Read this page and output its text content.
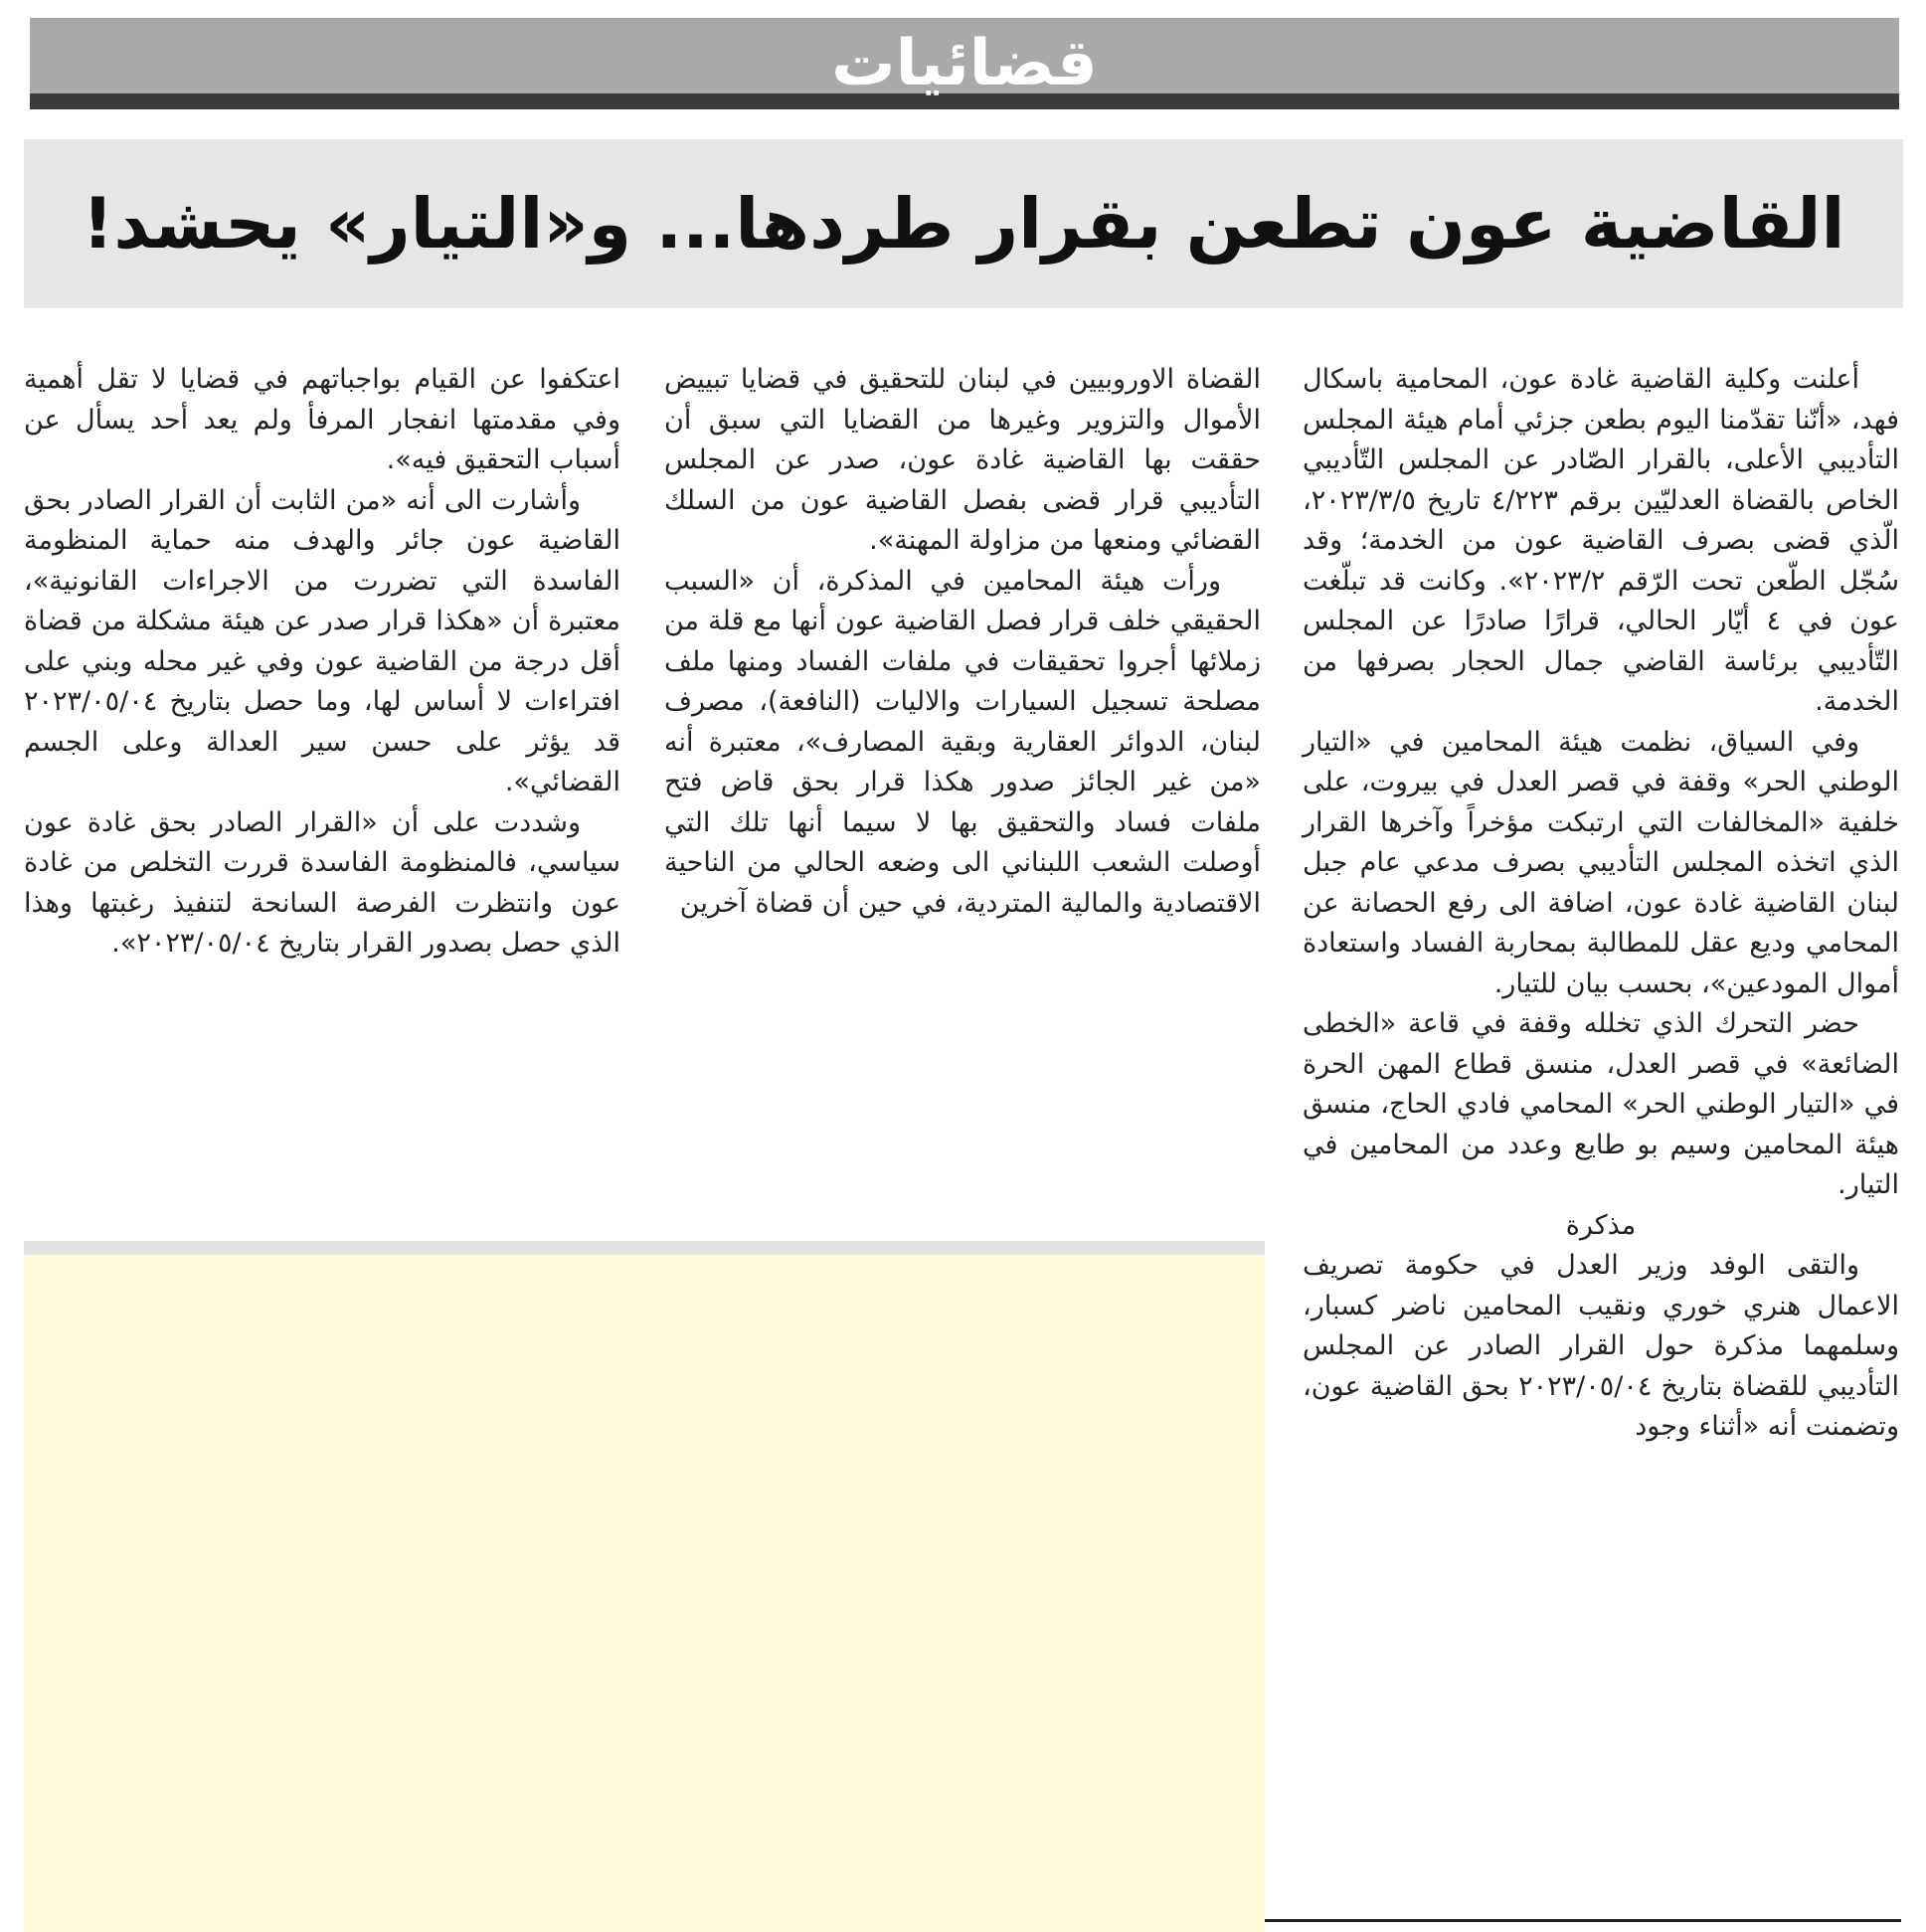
قضائيات
القاضية عون تطعن بقرار طردها... و«التيار» يحشد!

أعلنت وكلية القاضية غادة عون، المحامية باسكال فهد، «أنّنا تقدّمنا اليوم بطعن جزئي أمام هيئة المجلس التأديبي الأعلى، بالقرار الصّادر عن المجلس التّأديبي الخاص بالقضاة العدليّين برقم ٤/٢٢٣ تاريخ ٢٠٢٣/٣/٥، الّذي قضى بصرف القاضية عون من الخدمة؛ وقد سُجّل الطّعن تحت الرّقم ٢٠٢٣/٢». وكانت قد تبلّغت عون في ٤ أيّار الحالي، قرارًا صادرًا عن المجلس التّأديبي برئاسة القاضي جمال الحجار بصرفها من الخدمة.

وفي السياق، نظمت هيئة المحامين في «التيار الوطني الحر» وقفة في قصر العدل في بيروت، على خلفية «المخالفات التي ارتبكت مؤخراً وآخرها القرار الذي اتخذه المجلس التأديبي بصرف مدعي عام جبل لبنان القاضية غادة عون، اضافة الى رفع الحصانة عن المحامي وديع عقل للمطالبة بمحاربة الفساد واستعادة أموال المودعين»، بحسب بيان للتيار.

حضر التحرك الذي تخلله وقفة في قاعة «الخطى الضائعة» في قصر العدل، منسق قطاع المهن الحرة في «التيار الوطني الحر» المحامي فادي الحاج، منسق هيئة المحامين وسيم بو طايع وعدد من المحامين في التيار.

مذكرة

والتقى الوفد وزير العدل في حكومة تصريف الاعمال هنري خوري ونقيب المحامين ناضر كسبار، وسلمهما مذكرة حول القرار الصادر عن المجلس التأديبي للقضاة بتاريخ ٢٠٢٣/٠٥/٠٤ بحق القاضية عون، وتضمنت أنه «أثناء وجود

القضاة الاوروبيين في لبنان للتحقيق في قضايا تبييض الأموال والتزوير وغيرها من القضايا التي سبق أن حققت بها القاضية غادة عون، صدر عن المجلس التأديبي قرار قضى بفصل القاضية عون من السلك القضائي ومنعها من مزاولة المهنة».

ورأت هيئة المحامين في المذكرة، أن «السبب الحقيقي خلف قرار فصل القاضية عون أنها مع قلة من زملائها أجروا تحقيقات في ملفات الفساد ومنها ملف مصلحة تسجيل السيارات والاليات (النافعة)، مصرف لبنان، الدوائر العقارية وبقية المصارف»، معتبرة أنه «من غير الجائز صدور هكذا قرار بحق قاض فتح ملفات فساد والتحقيق بها لا سيما أنها تلك التي أوصلت الشعب اللبناني الى وضعه الحالي من الناحية الاقتصادية والمالية المتردية، في حين أن قضاة آخرين

اعتكفوا عن القيام بواجباتهم في قضايا لا تقل أهمية وفي مقدمتها انفجار المرفأ ولم يعد أحد يسأل عن أسباب التحقيق فيه».

وأشارت الى أنه «من الثابت أن القرار الصادر بحق القاضية عون جائر والهدف منه حماية المنظومة الفاسدة التي تضررت من الاجراءات القانونية»، معتبرة أن «هكذا قرار صدر عن هيئة مشكلة من قضاة أقل درجة من القاضية عون وفي غير محله وبني على افتراءات لا أساس لها، وما حصل بتاريخ ٢٠٢٣/٠٥/٠٤ قد يؤثر على حسن سير العدالة وعلى الجسم القضائي».

وشددت على أن «القرار الصادر بحق غادة عون سياسي، فالمنظومة الفاسدة قررت التخلص من غادة عون وانتظرت الفرصة السانحة لتنفيذ رغبتها وهذا الذي حصل بصدور القرار بتاريخ ٢٠٢٣/٠٥/٠٤».
